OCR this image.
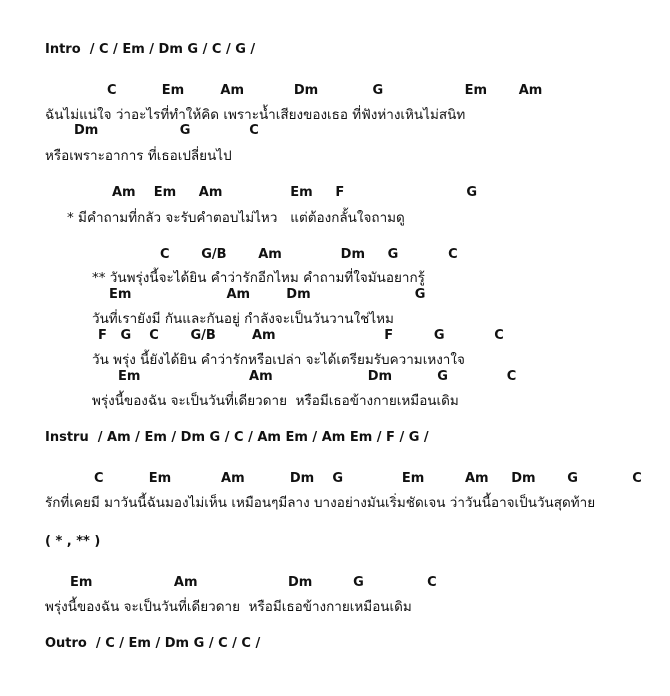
Intro  / C / Em / Dm G / C / G /
C          Em        Am           Dm            G                  Em       Am
ฉันไม่แน่ใจ ว่าอะไรที่ทำให้คิด เพราะน้ำเสียงของเธอ ที่ฟังห่างเหินไม่สนิท
Dm                  G             C
หรือเพราะอาการ ที่เธอเปลี่ยนไป
Am    Em     Am               Em     F                           G
* มีคำถามที่กลัว จะรับคำตอบไม่ไหว   แต่ต้องกลั้นใจถามดู
C       G/B       Am             Dm     G           C
** วันพรุ่งนี้จะได้ยิน คำว่ารักอีกไหม คำถามที่ใจมันอยากรู้
Em                     Am        Dm                       G
วันที่เรายังมี กันและกันอยู่ กำลังจะเป็นวันวานใช่ไหม
F   G    C       G/B        Am                        F         G           C
วัน พรุ่ง นี้ยังได้ยิน คำว่ารักหรือเปล่า จะได้เตรียมรับความเหงาใจ
Em                        Am                     Dm          G             C
พรุ่งนี้ของฉัน จะเป็นวันที่เดียวดาย  หรือมีเธอข้างกายเหมือนเดิม
Instru  / Am / Em / Dm G / C / Am Em / Am Em / F / G /
C          Em           Am          Dm    G             Em         Am     Dm       G            C
รักที่เคยมี มาวันนี้ฉันมองไม่เห็น เหมือนๆมีลาง บางอย่างมันเริ่มชัดเจน ว่าวันนี้อาจเป็นวันสุดท้าย
( * , ** )
Em                  Am                    Dm         G              C
พรุ่งนี้ของฉัน จะเป็นวันที่เดียวดาย  หรือมีเธอข้างกายเหมือนเดิม
Outro  / C / Em / Dm G / C / C /
